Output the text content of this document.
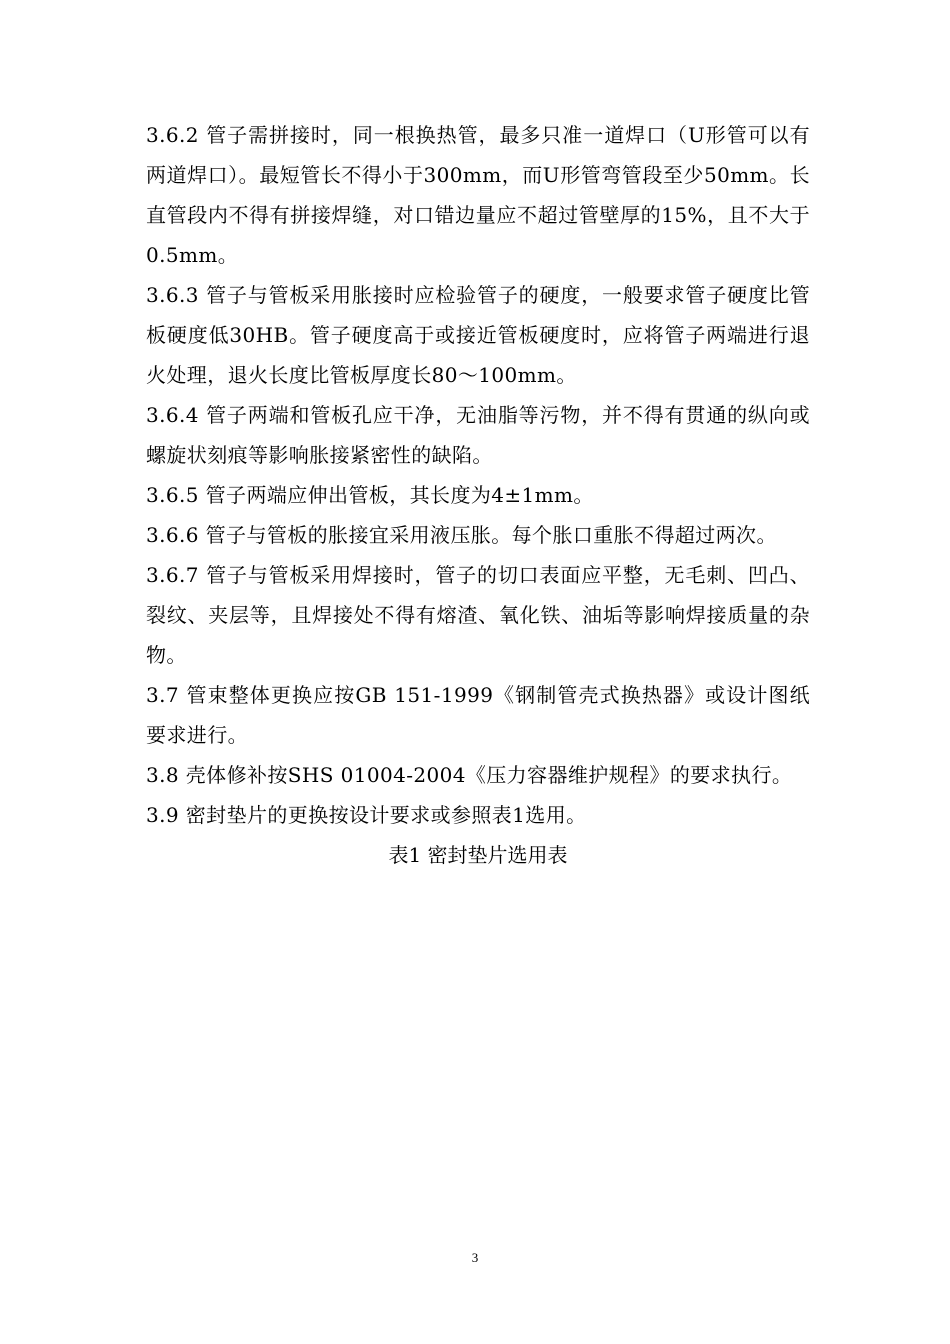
3.6.2 管子需拼接时，同一根换热管，最多只准一道焊口（U形管可以有两道焊口）。最短管长不得小于300mm，而U形管弯管段至少50mm。长直管段内不得有拼接焊缝，对口错边量应不超过管壁厚的15%，且不大于0.5mm。

3.6.3 管子与管板采用胀接时应检验管子的硬度，一般要求管子硬度比管板硬度低30HB。管子硬度高于或接近管板硬度时，应将管子两端进行退火处理，退火长度比管板厚度长80～100mm。

3.6.4 管子两端和管板孔应干净，无油脂等污物，并不得有贯通的纵向或螺旋状刻痕等影响胀接紧密性的缺陷。

3.6.5 管子两端应伸出管板，其长度为4±1mm。

3.6.6 管子与管板的胀接宜采用液压胀。每个胀口重胀不得超过两次。

3.6.7 管子与管板采用焊接时，管子的切口表面应平整，无毛刺、凹凸、裂纹、夹层等，且焊接处不得有熔渣、氧化铁、油垢等影响焊接质量的杂物。

3.7 管束整体更换应按GB 151-1999《钢制管壳式换热器》或设计图纸要求进行。

3.8 壳体修补按SHS 01004-2004《压力容器维护规程》的要求执行。

3.9 密封垫片的更换按设计要求或参照表1选用。

表1 密封垫片选用表

3
